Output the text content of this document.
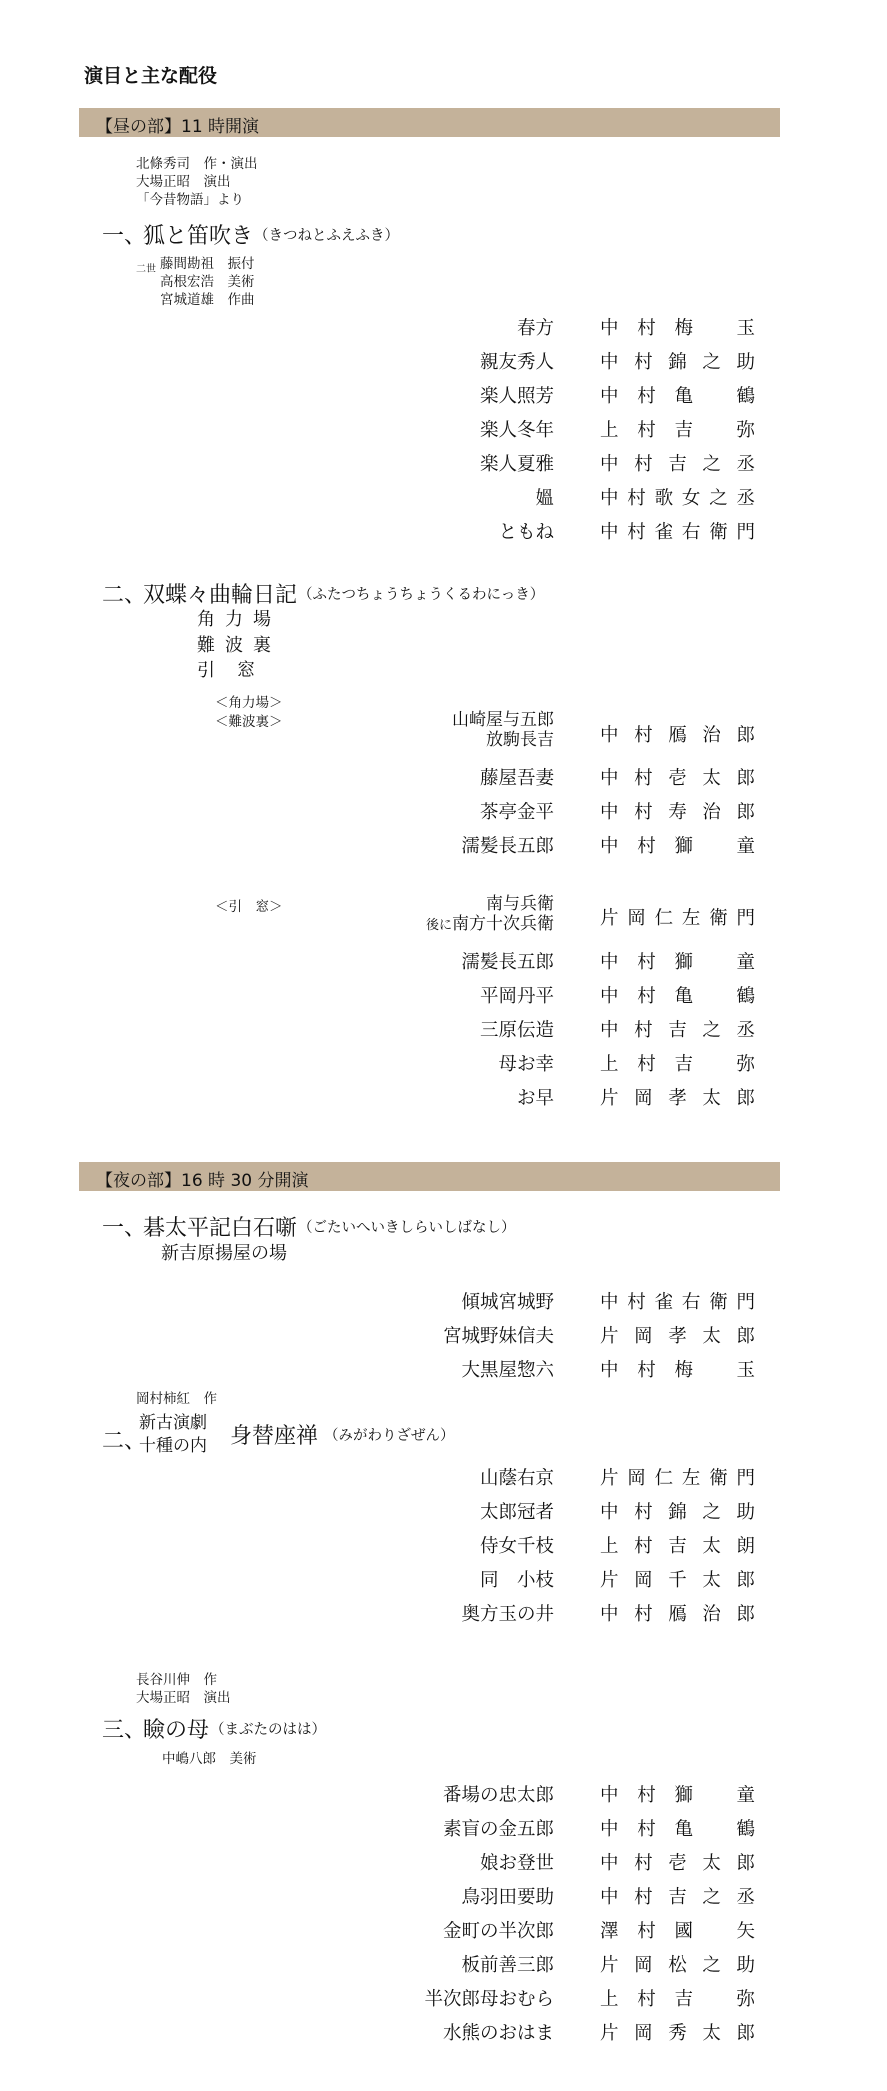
演目と主な配役
【昼の部】11 時開演
北條秀司　作・演出
大場正昭　演出
「今昔物語」より
一、
狐と笛吹き （きつねとふえふき）
二世 藤間勘祖　振付
高根宏浩　美術
宮城道雄　作曲
春方 中 村 梅
玉
親友秀人 中 村 錦 之 助
楽人照芳 中 村 亀
鶴
楽人冬年 上 村 吉
弥
楽人夏雅 中 村 吉 之 丞
媼 中 村 歌 女 之 丞
ともね 中 村 雀 右 衛 門
二、
双蝶々曲輪日記 （ふたつちょうちょうくるわにっき）
角力場
難波裏
引　窓
＜角力場＞
＜難波裏＞	山崎屋与五郎
放駒長吉 中 村 鴈 治 郎
藤屋吾妻 中 村 壱 太 郎
茶亭金平 中 村 寿 治 郎
濡髪長五郎 中 村 獅
童
＜引　窓＞	南与兵衛
後に南方十次兵衛 片 岡 仁 左 衛 門
濡髪長五郎 中 村 獅
童
平岡丹平 中 村 亀
鶴
三原伝造 中 村 吉 之 丞
母お幸 上 村 吉
弥
お早 片 岡 孝 太 郎
【夜の部】16 時 30 分開演
一、
碁太平記白石噺 （ごたいへいきしらいしばなし）
新吉原揚屋の場
傾城宮城野 中 村 雀 右 衛 門
宮城野妹信夫 片 岡 孝 太 郎
大黒屋惣六 中 村 梅
玉
岡村柿紅　作
二、
新古演劇
十種の内 身替座禅 （みがわりざぜん）
山蔭右京 片 岡 仁 左 衛 門
太郎冠者 中 村 錦 之 助
侍女千枝 上 村 吉 太 朗
同　小枝 片 岡 千 太 郎
奥方玉の井 中 村 鴈 治 郎
長谷川伸　作
大場正昭　演出
三、
瞼の母 （まぶたのはは）
中嶋八郎　美術
番場の忠太郎 中 村 獅
童
素盲の金五郎 中 村 亀
鶴
娘お登世 中 村 壱 太 郎
鳥羽田要助 中 村 吉 之 丞
金町の半次郎 澤 村 國
矢
板前善三郎 片 岡 松 之 助
半次郎母おむら 上 村 吉
弥
水熊のおはま 片 岡 秀 太 郎
